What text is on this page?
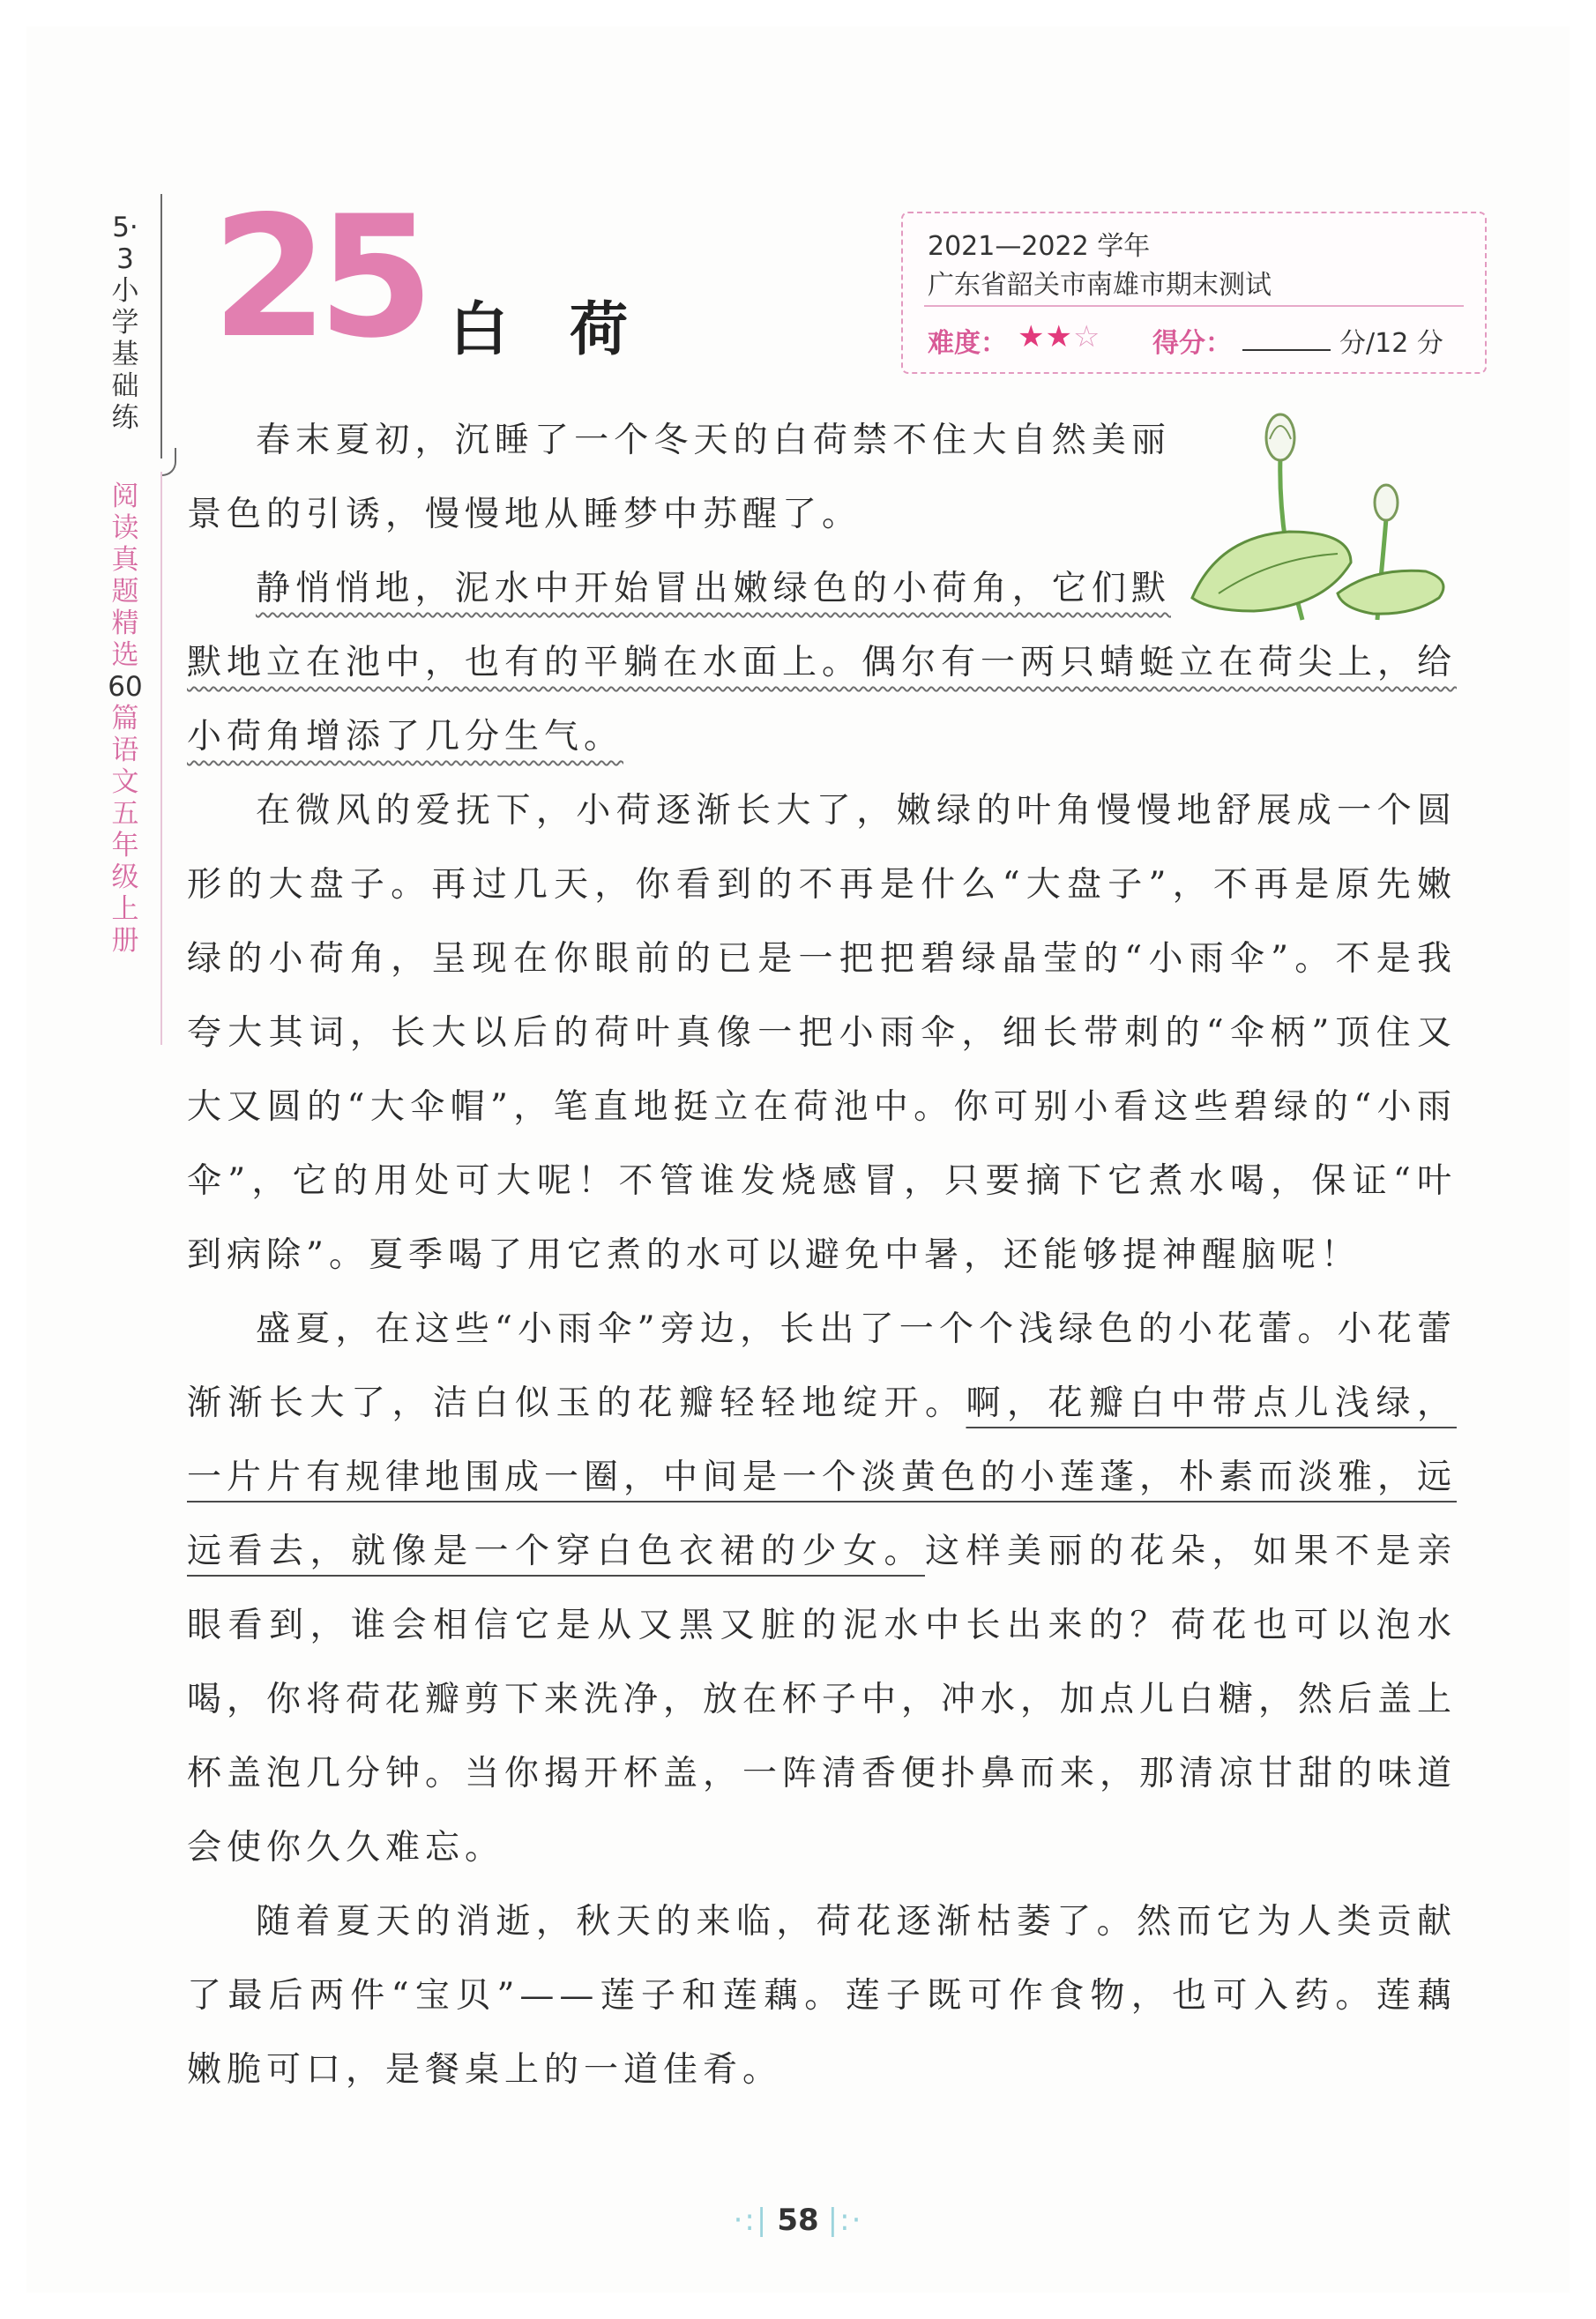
5·3小学基础练
阅读真题精选60篇 语文 五年级上册
25 白荷
2021—2022 学年
广东省韶关市南雄市期末测试
难度： ★★☆ 得分：	分/12 分

春末夏初，沉睡了一个冬天的白荷禁不住大自然美丽景色的引诱，慢慢地从睡梦中苏醒了。

静悄悄地，泥水中开始冒出嫩绿色的小荷角，它们默默地立在池中，也有的平躺在水面上。偶尔有一两只蜻蜓立在荷尖上，给小荷角增添了几分生气。

在微风的爱抚下，小荷逐渐长大了，嫩绿的叶角慢慢地舒展成一个圆形的大盘子。再过几天，你看到的不再是什么“大盘子”，不再是原先嫩绿的小荷角，呈现在你眼前的已是一把把碧绿晶莹的“小雨伞”。不是我夸大其词，长大以后的荷叶真像一把小雨伞，细长带刺的“伞柄”顶住又大又圆的“大伞帽”，笔直地挺立在荷池中。你可别小看这些碧绿的“小雨伞”，它的用处可大呢！不管谁发烧感冒，只要摘下它煮水喝，保证“叶到病除”。夏季喝了用它煮的水可以避免中暑，还能够提神醒脑呢！

盛夏，在这些“小雨伞”旁边，长出了一个个浅绿色的小花蕾。小花蕾渐渐长大了，洁白似玉的花瓣轻轻地绽开。啊，花瓣白中带点儿浅绿，一片片有规律地围成一圈，中间是一个淡黄色的小莲蓬，朴素而淡雅，远远看去，就像是一个穿白色衣裙的少女。这样美丽的花朵，如果不是亲眼看到，谁会相信它是从又黑又脏的泥水中长出来的？荷花也可以泡水喝，你将荷花瓣剪下来洗净，放在杯子中，冲水，加点儿白糖，然后盖上杯盖泡几分钟。当你揭开杯盖，一阵清香便扑鼻而来，那清凉甘甜的味道会使你久久难忘。

随着夏天的消逝，秋天的来临，荷花逐渐枯萎了。然而它为人类贡献了最后两件“宝贝”——莲子和莲藕。莲子既可作食物，也可入药。莲藕嫩脆可口，是餐桌上的一道佳肴。

·:| 58 |:·
